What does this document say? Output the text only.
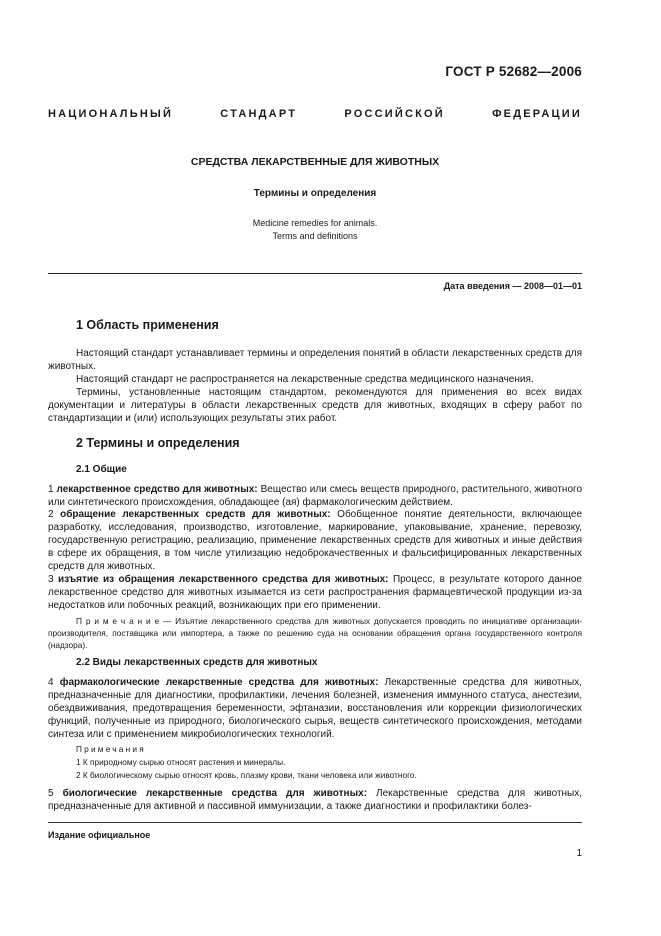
ГОСТ Р 52682—2006
НАЦИОНАЛЬНЫЙ	СТАНДАРТ	РОССИЙСКОЙ	ФЕДЕРАЦИИ
СРЕДСТВА ЛЕКАРСТВЕННЫЕ ДЛЯ ЖИВОТНЫХ
Термины и определения
Medicine remedies for animals.
Terms and definitions
Дата введения — 2008—01—01
1 Область применения
Настоящий стандарт устанавливает термины и определения понятий в области лекарственных средств для животных.
Настоящий стандарт не распространяется на лекарственные средства медицинского назначения.
Термины, установленные настоящим стандартом, рекомендуются для применения во всех видах документации и литературы в области лекарственных средств для животных, входящих в сферу работ по стандартизации и (или) использующих результаты этих работ.
2 Термины и определения
2.1 Общие
1 лекарственное средство для животных: Вещество или смесь веществ природного, растительного, животного или синтетического происхождения, обладающее (ая) фармакологическим действием.
2 обращение лекарственных средств для животных: Обобщенное понятие деятельности, включающее разработку, исследования, производство, изготовление, маркирование, упаковывание, хранение, перевозку, государственную регистрацию, реализацию, применение лекарственных средств для животных и иные действия в сфере их обращения, в том числе утилизацию недоброкачественных и фальсифицированных лекарственных средств для животных.
3 изъятие из обращения лекарственного средства для животных: Процесс, в результате которого данное лекарственное средство для животных изымается из сети распространения фармацевтической продукции из-за недостатков или побочных реакций, возникающих при его применении.
П р и м е ч а н и е — Изъятие лекарственного средства для животных допускается проводить по инициативе организации-производителя, поставщика или импортера, а также по решению суда на основании обращения органа государственного контроля (надзора).
2.2 Виды лекарственных средств для животных
4 фармакологические лекарственные средства для животных: Лекарственные средства для животных, предназначенные для диагностики, профилактики, лечения болезней, изменения иммунного статуса, анестезии, обездвиживания, предотвращения беременности, эфтаназии, восстановления или коррекции физиологических функций, полученные из природного, биологического сырья, веществ синтетического происхождения, методами синтеза или с применением микробиологических технологий.
Примечания
1 К природному сырью относят растения и минералы.
2 К биологическому сырью относят кровь, плазму крови, ткани человека или животного.
5 биологические лекарственные средства для животных: Лекарственные средства для животных, предназначенные для активной и пассивной иммунизации, а также диагностики и профилактики болез-
Издание официальное
1
